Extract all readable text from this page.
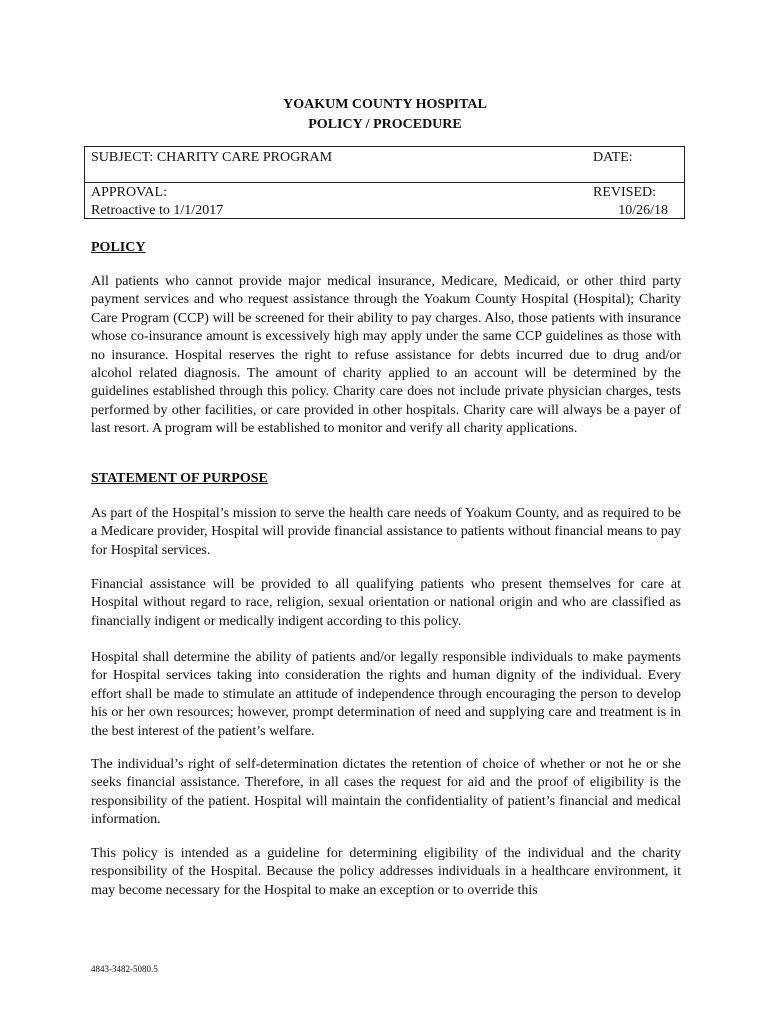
YOAKUM COUNTY HOSPITAL
POLICY / PROCEDURE
SUBJECT: CHARITY CARE PROGRAM	DATE:
APPROVAL:
Retroactive to 1/1/2017
REVISED:
10/26/18
POLICY
All patients who cannot provide major medical insurance, Medicare, Medicaid, or other third party payment services and who request assistance through the Yoakum County Hospital (Hospital); Charity Care Program (CCP) will be screened for their ability to pay charges. Also, those patients with insurance whose co-insurance amount is excessively high may apply under the same CCP guidelines as those with no insurance. Hospital reserves the right to refuse assistance for debts incurred due to drug and/or alcohol related diagnosis. The amount of charity applied to an account will be determined by the guidelines established through this policy. Charity care does not include private physician charges, tests performed by other facilities, or care provided in other hospitals. Charity care will always be a payer of last resort. A program will be established to monitor and verify all charity applications.
STATEMENT OF PURPOSE
As part of the Hospital’s mission to serve the health care needs of Yoakum County, and as required to be a Medicare provider, Hospital will provide financial assistance to patients without financial means to pay for Hospital services.
Financial assistance will be provided to all qualifying patients who present themselves for care at Hospital without regard to race, religion, sexual orientation or national origin and who are classified as financially indigent or medically indigent according to this policy.
Hospital shall determine the ability of patients and/or legally responsible individuals to make payments for Hospital services taking into consideration the rights and human dignity of the individual. Every effort shall be made to stimulate an attitude of independence through encouraging the person to develop his or her own resources; however, prompt determination of need and supplying care and treatment is in the best interest of the patient’s welfare.
The individual’s right of self-determination dictates the retention of choice of whether or not he or she seeks financial assistance. Therefore, in all cases the request for aid and the proof of eligibility is the responsibility of the patient. Hospital will maintain the confidentiality of patient’s financial and medical information.
This policy is intended as a guideline for determining eligibility of the individual and the charity responsibility of the Hospital. Because the policy addresses individuals in a healthcare environment, it may become necessary for the Hospital to make an exception or to override this
4843-3482-5080.5
